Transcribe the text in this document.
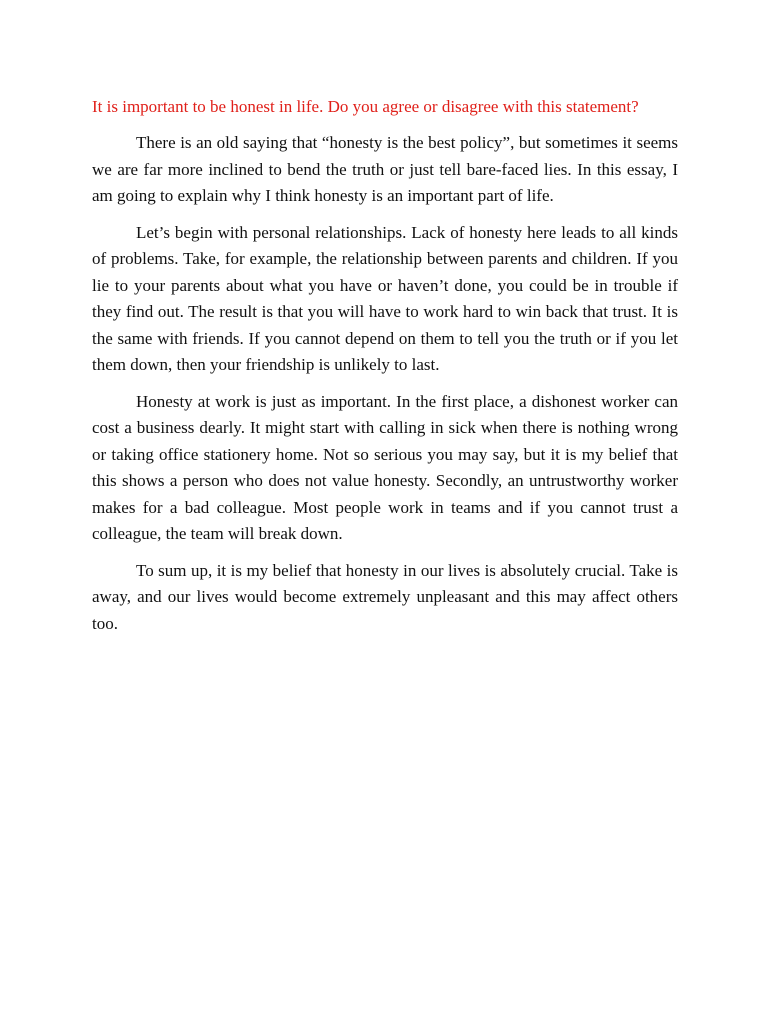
It is important to be honest in life. Do you agree or disagree with this statement?

There is an old saying that “honesty is the best policy”, but sometimes it seems we are far more inclined to bend the truth or just tell bare-faced lies. In this essay, I am going to explain why I think honesty is an important part of life.

Let’s begin with personal relationships. Lack of honesty here leads to all kinds of problems. Take, for example, the relationship between parents and children. If you lie to your parents about what you have or haven’t done, you could be in trouble if they find out. The result is that you will have to work hard to win back that trust. It is the same with friends. If you cannot depend on them to tell you the truth or if you let them down, then your friendship is unlikely to last.

Honesty at work is just as important. In the first place, a dishonest worker can cost a business dearly. It might start with calling in sick when there is nothing wrong or taking office stationery home. Not so serious you may say, but it is my belief that this shows a person who does not value honesty. Secondly, an untrustworthy worker makes for a bad colleague. Most people work in teams and if you cannot trust a colleague, the team will break down.

To sum up, it is my belief that honesty in our lives is absolutely crucial. Take is away, and our lives would become extremely unpleasant and this may affect others too.
